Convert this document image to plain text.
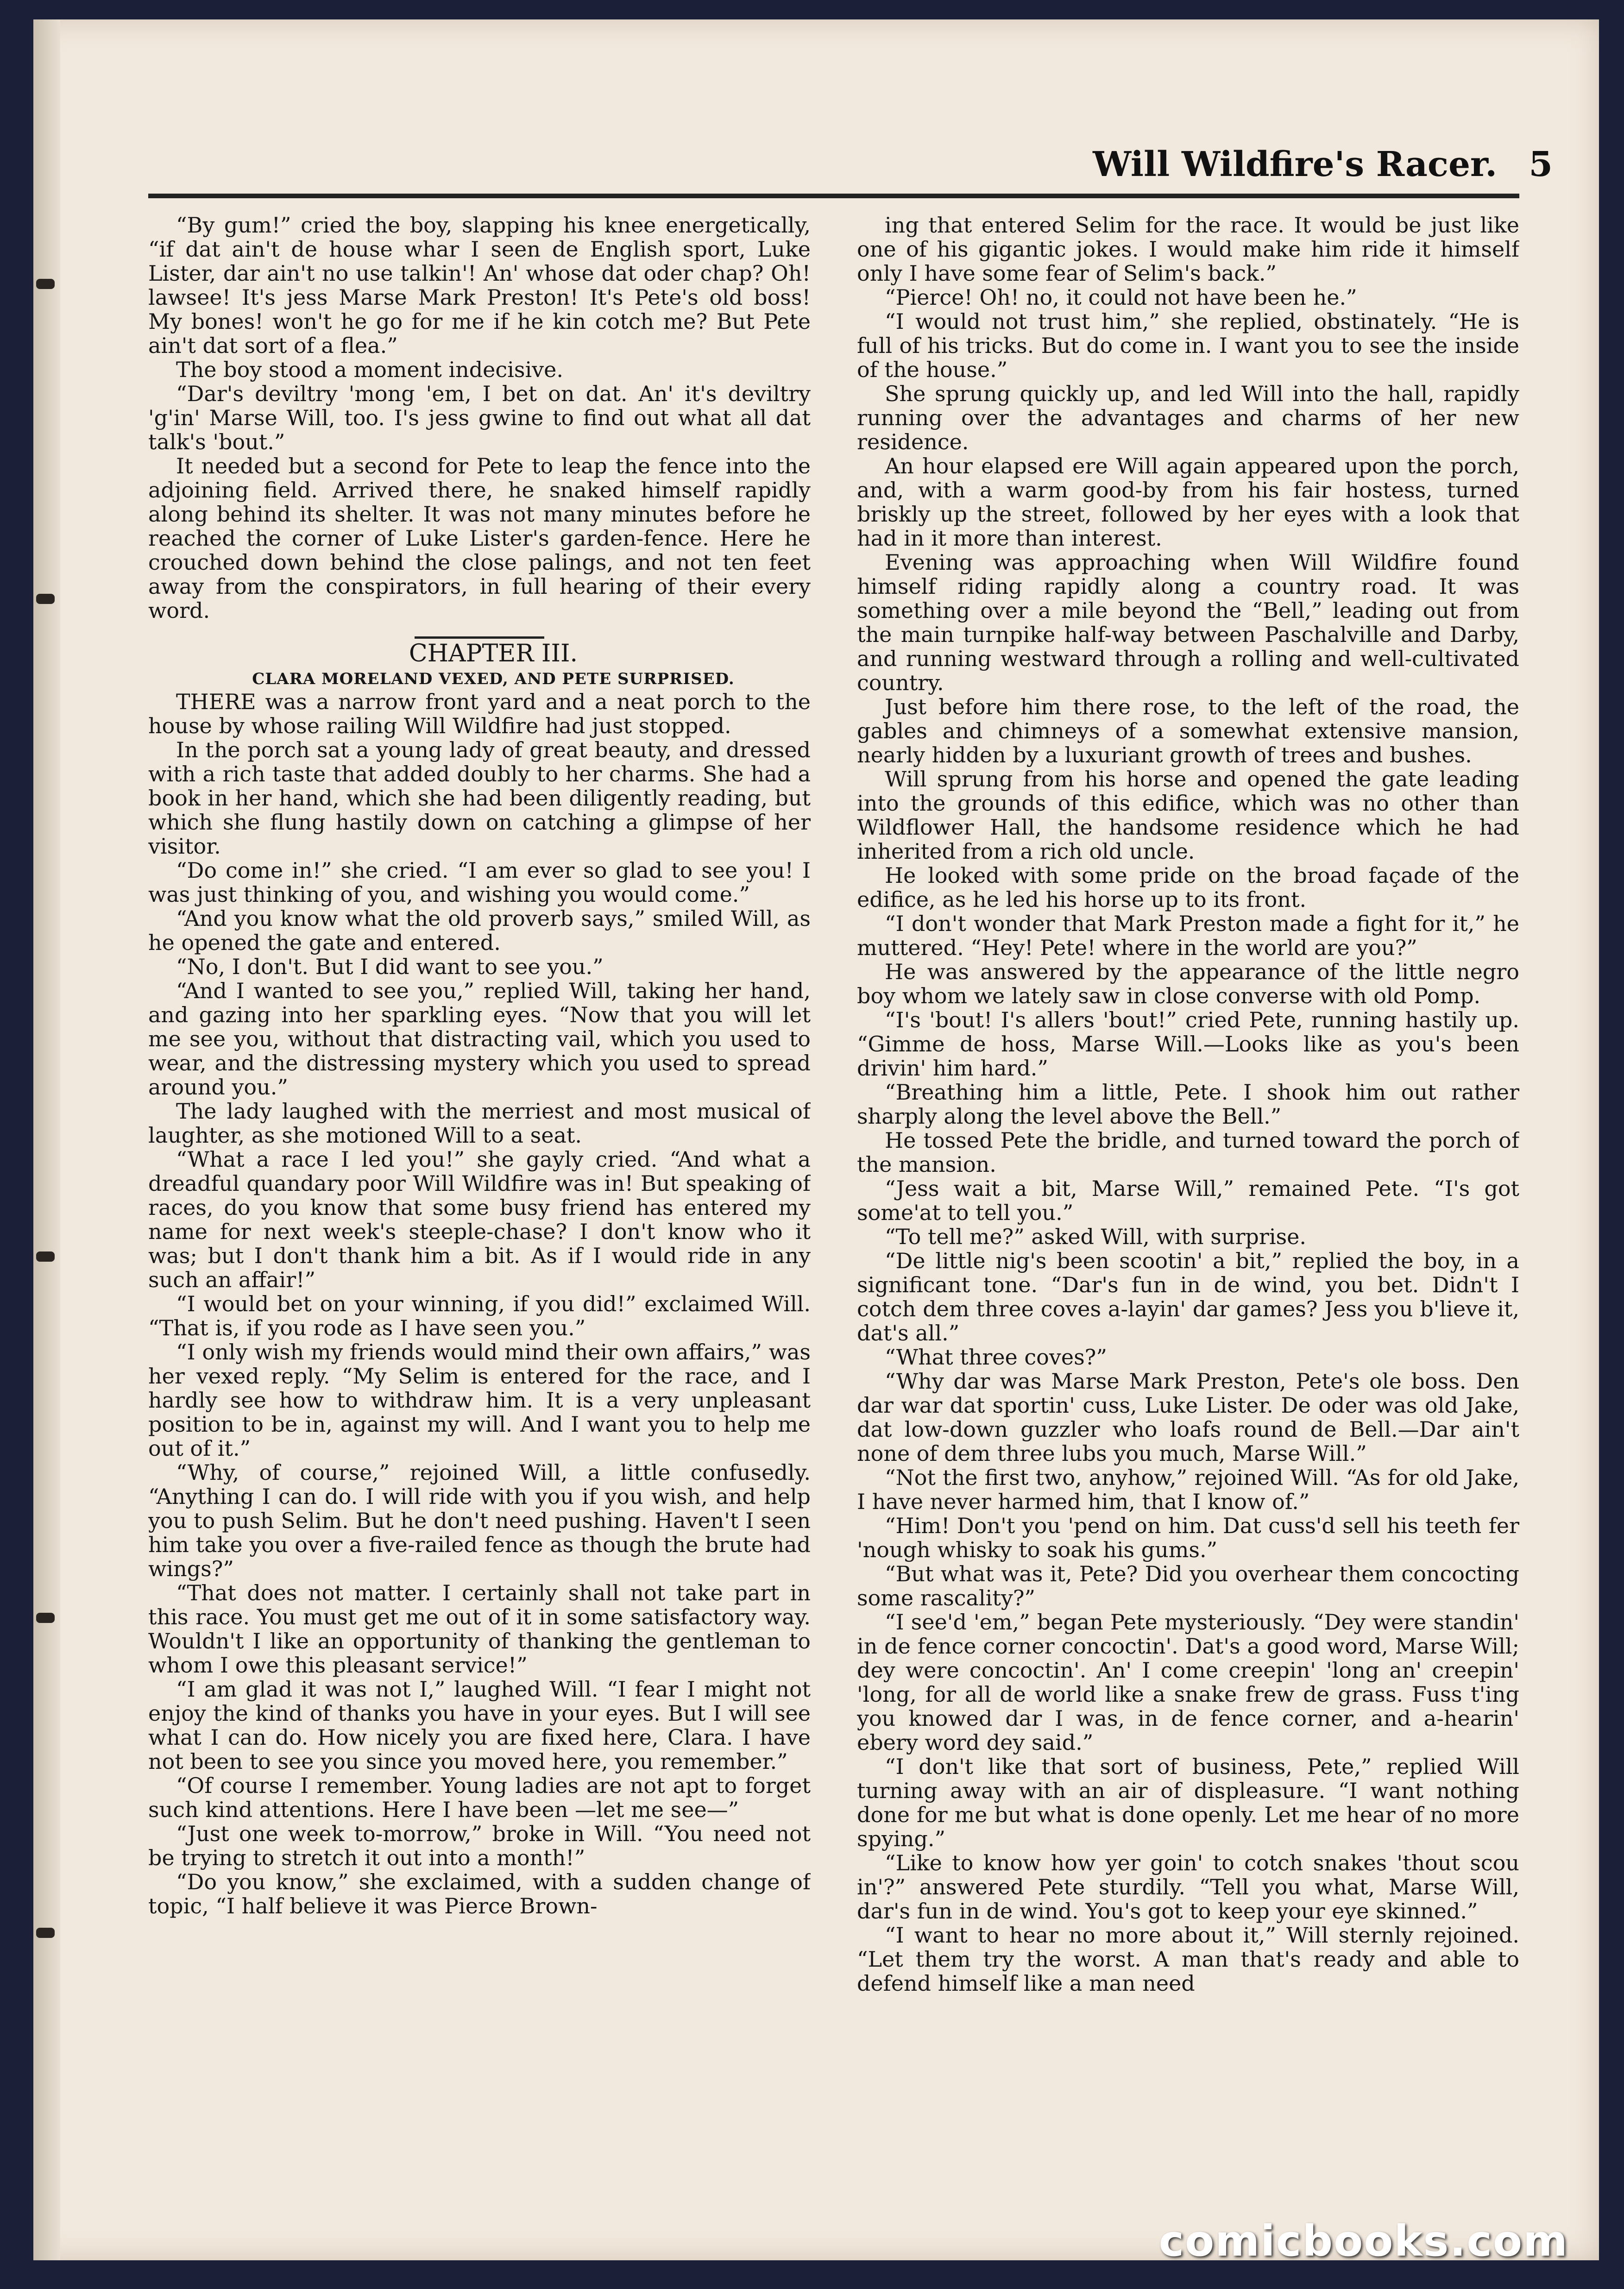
Will Wildfire's Racer. 5

“By gum!” cried the boy, slapping his knee energetically, “if dat ain't de house whar I seen de English sport, Luke Lister, dar ain't no use talkin'! An' whose dat oder chap? Oh! lawsee! It's jess Marse Mark Preston! It's Pete's old boss! My bones! won't he go for me if he kin cotch me? But Pete ain't dat sort of a flea.”

The boy stood a moment indecisive.

“Dar's deviltry 'mong 'em, I bet on dat. An' it's deviltry 'g'in' Marse Will, too. I's jess gwine to find out what all dat talk's 'bout.”

It needed but a second for Pete to leap the fence into the adjoining field. Arrived there, he snaked himself rapidly along behind its shelter. It was not many minutes before he reached the corner of Luke Lister's garden-fence. Here he crouched down behind the close palings, and not ten feet away from the conspirators, in full hearing of their every word.

CHAPTER III.

CLARA MORELAND VEXED, AND PETE SURPRISED.

THERE was a narrow front yard and a neat porch to the house by whose railing Will Wildfire had just stopped.

In the porch sat a young lady of great beauty, and dressed with a rich taste that added doubly to her charms. She had a book in her hand, which she had been diligently reading, but which she flung hastily down on catching a glimpse of her visitor.

“Do come in!” she cried. “I am ever so glad to see you! I was just thinking of you, and wishing you would come.”

“And you know what the old proverb says,” smiled Will, as he opened the gate and entered.

“No, I don't. But I did want to see you.”

“And I wanted to see you,” replied Will, taking her hand, and gazing into her sparkling eyes. “Now that you will let me see you, without that distracting vail, which you used to wear, and the distressing mystery which you used to spread around you.”

The lady laughed with the merriest and most musical of laughter, as she motioned Will to a seat.

“What a race I led you!” she gayly cried. “And what a dreadful quandary poor Will Wildfire was in! But speaking of races, do you know that some busy friend has entered my name for next week's steeple-chase? I don't know who it was; but I don't thank him a bit. As if I would ride in any such an affair!”

“I would bet on your winning, if you did!” exclaimed Will. “That is, if you rode as I have seen you.”

“I only wish my friends would mind their own affairs,” was her vexed reply. “My Selim is entered for the race, and I hardly see how to withdraw him. It is a very unpleasant position to be in, against my will. And I want you to help me out of it.”

“Why, of course,” rejoined Will, a little confusedly. “Anything I can do. I will ride with you if you wish, and help you to push Selim. But he don't need pushing. Haven't I seen him take you over a five-railed fence as though the brute had wings?”

“That does not matter. I certainly shall not take part in this race. You must get me out of it in some satisfactory way. Wouldn't I like an opportunity of thanking the gentleman to whom I owe this pleasant service!”

“I am glad it was not I,” laughed Will. “I fear I might not enjoy the kind of thanks you have in your eyes. But I will see what I can do. How nicely you are fixed here, Clara. I have not been to see you since you moved here, you remember.”

“Of course I remember. Young ladies are not apt to forget such kind attentions. Here I have been —let me see—”

“Just one week to-morrow,” broke in Will. “You need not be trying to stretch it out into a month!”

“Do you know,” she exclaimed, with a sudden change of topic, “I half believe it was Pierce Brown-

ing that entered Selim for the race. It would be just like one of his gigantic jokes. I would make him ride it himself only I have some fear of Selim's back.”

“Pierce! Oh! no, it could not have been he.”

“I would not trust him,” she replied, obstinately. “He is full of his tricks. But do come in. I want you to see the inside of the house.”

She sprung quickly up, and led Will into the hall, rapidly running over the advantages and charms of her new residence.

An hour elapsed ere Will again appeared upon the porch, and, with a warm good-by from his fair hostess, turned briskly up the street, followed by her eyes with a look that had in it more than interest.

Evening was approaching when Will Wildfire found himself riding rapidly along a country road. It was something over a mile beyond the “Bell,” leading out from the main turnpike half-way between Paschalville and Darby, and running westward through a rolling and well-cultivated country.

Just before him there rose, to the left of the road, the gables and chimneys of a somewhat extensive mansion, nearly hidden by a luxuriant growth of trees and bushes.

Will sprung from his horse and opened the gate leading into the grounds of this edifice, which was no other than Wildflower Hall, the handsome residence which he had inherited from a rich old uncle.

He looked with some pride on the broad façade of the edifice, as he led his horse up to its front.

“I don't wonder that Mark Preston made a fight for it,” he muttered. “Hey! Pete! where in the world are you?”

He was answered by the appearance of the little negro boy whom we lately saw in close converse with old Pomp.

“I's 'bout! I's allers 'bout!” cried Pete, running hastily up. “Gimme de hoss, Marse Will.—Looks like as you's been drivin' him hard.”

“Breathing him a little, Pete. I shook him out rather sharply along the level above the Bell.”

He tossed Pete the bridle, and turned toward the porch of the mansion.

“Jess wait a bit, Marse Will,” remained Pete. “I's got some'at to tell you.”

“To tell me?” asked Will, with surprise.

“De little nig's been scootin' a bit,” replied the boy, in a significant tone. “Dar's fun in de wind, you bet. Didn't I cotch dem three coves a-layin' dar games? Jess you b'lieve it, dat's all.”

“What three coves?”

“Why dar was Marse Mark Preston, Pete's ole boss. Den dar war dat sportin' cuss, Luke Lister. De oder was old Jake, dat low-down guzzler who loafs round de Bell.—Dar ain't none of dem three lubs you much, Marse Will.”

“Not the first two, anyhow,” rejoined Will. “As for old Jake, I have never harmed him, that I know of.”

“Him! Don't you 'pend on him. Dat cuss'd sell his teeth fer 'nough whisky to soak his gums.”

“But what was it, Pete? Did you overhear them concocting some rascality?”

“I see'd 'em,” began Pete mysteriously. “Dey were standin' in de fence corner concoctin'. Dat's a good word, Marse Will; dey were concoctin'. An' I come creepin' 'long an' creepin' 'long, for all de world like a snake frew de grass. Fuss t'ing you knowed dar I was, in de fence corner, and a-hearin' ebery word dey said.”

“I don't like that sort of business, Pete,” replied Will turning away with an air of displeasure. “I want nothing done for me but what is done openly. Let me hear of no more spying.”

“Like to know how yer goin' to cotch snakes 'thout scou in'?” answered Pete sturdily. “Tell you what, Marse Will, dar's fun in de wind. You's got to keep your eye skinned.”

“I want to hear no more about it,” Will sternly rejoined. “Let them try the worst. A man that's ready and able to defend himself like a man need

comicbooks.com
